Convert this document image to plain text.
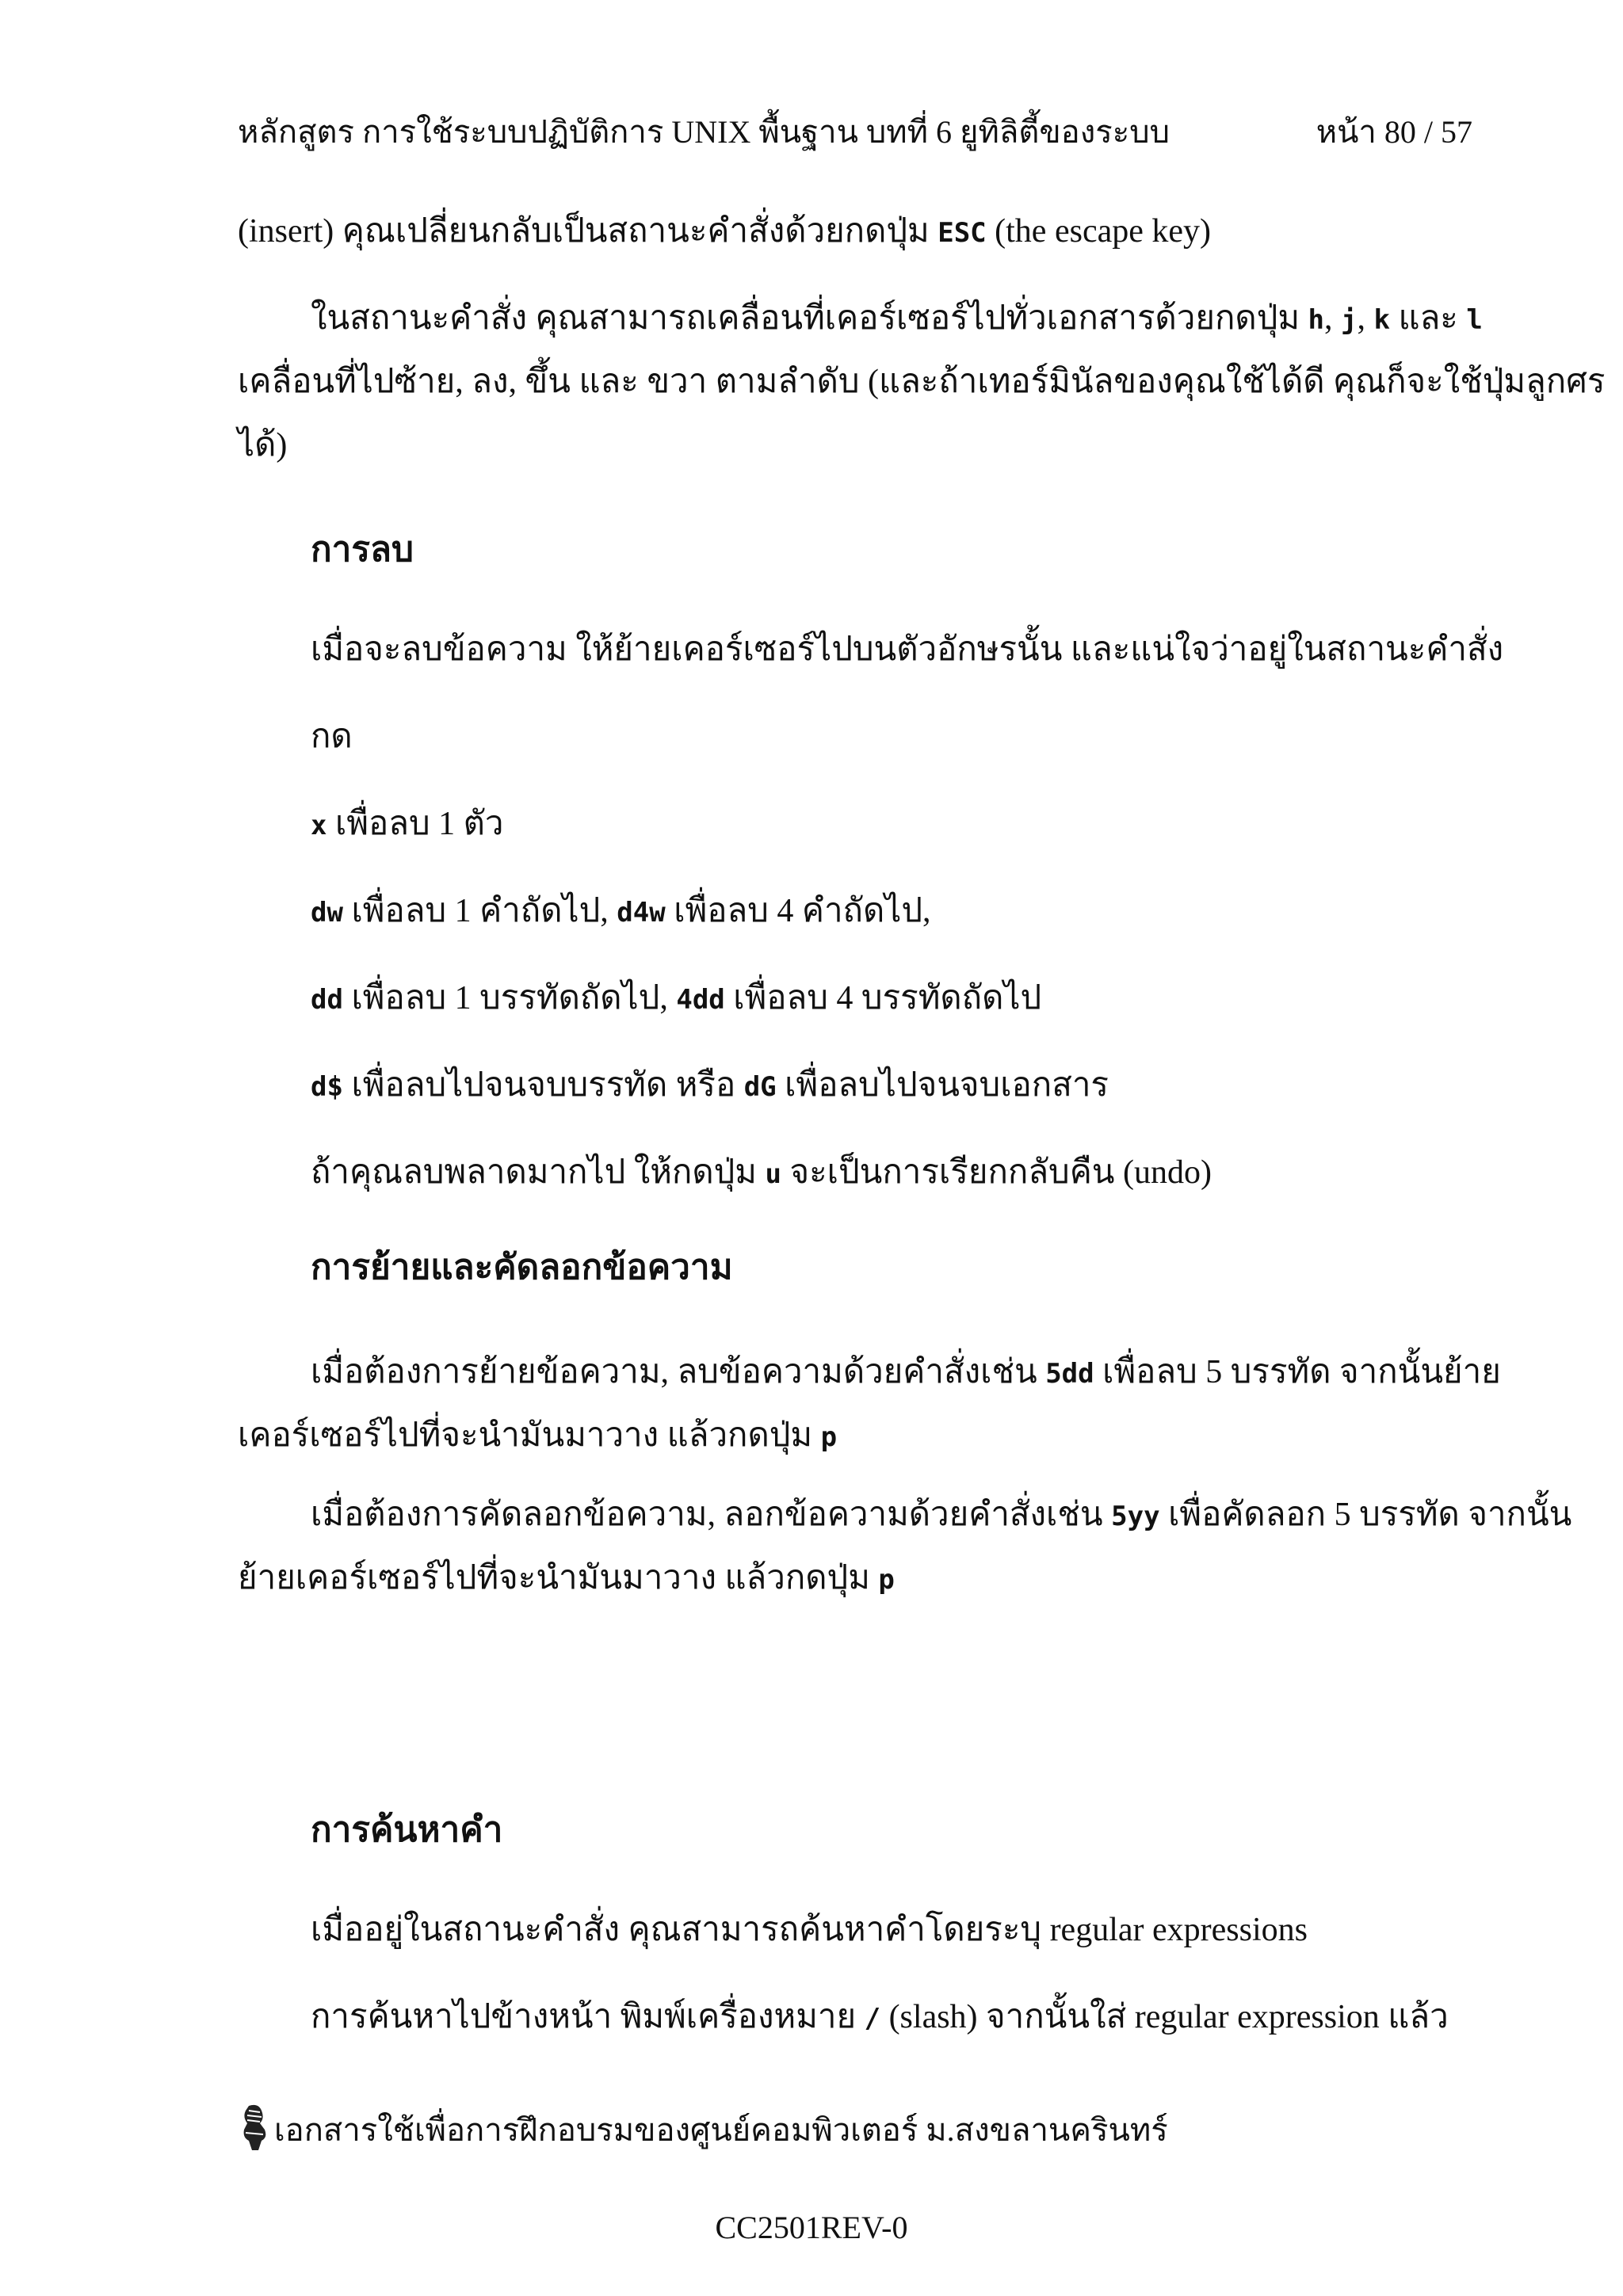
หลักสูตร การใช้ระบบปฏิบัติการ UNIX พื้นฐาน บทที่ 6 ยูทิลิตี้ของระบบ	หน้า 80 / 57
(insert) คุณเปลี่ยนกลับเป็นสถานะคำสั่งด้วยกดปุ่ม ESC (the escape key)
ในสถานะคำสั่ง คุณสามารถเคลื่อนที่เคอร์เซอร์ไปทั่วเอกสารด้วยกดปุ่ม h, j, k และ l
เคลื่อนที่ไปซ้าย, ลง, ขึ้น และ ขวา ตามลำดับ (และถ้าเทอร์มินัลของคุณใช้ได้ดี คุณก็จะใช้ปุ่มลูกศร
ได้)
การลบ
เมื่อจะลบข้อความ ให้ย้ายเคอร์เซอร์ไปบนตัวอักษรนั้น และแน่ใจว่าอยู่ในสถานะคำสั่ง
กด
x เพื่อลบ 1 ตัว
dw เพื่อลบ 1 คำถัดไป, d4w เพื่อลบ 4 คำถัดไป,
dd เพื่อลบ 1 บรรทัดถัดไป, 4dd เพื่อลบ 4 บรรทัดถัดไป
d$ เพื่อลบไปจนจบบรรทัด หรือ dG เพื่อลบไปจนจบเอกสาร
ถ้าคุณลบพลาดมากไป ให้กดปุ่ม u จะเป็นการเรียกกลับคืน (undo)
การย้ายและคัดลอกข้อความ
เมื่อต้องการย้ายข้อความ, ลบข้อความด้วยคำสั่งเช่น 5dd เพื่อลบ 5 บรรทัด จากนั้นย้าย
เคอร์เซอร์ไปที่จะนำมันมาวาง แล้วกดปุ่ม p
เมื่อต้องการคัดลอกข้อความ, ลอกข้อความด้วยคำสั่งเช่น 5yy เพื่อคัดลอก 5 บรรทัด จากนั้น
ย้ายเคอร์เซอร์ไปที่จะนำมันมาวาง แล้วกดปุ่ม p
การค้นหาคำ
เมื่ออยู่ในสถานะคำสั่ง คุณสามารถค้นหาคำโดยระบุ regular expressions
การค้นหาไปข้างหน้า พิมพ์เครื่องหมาย / (slash) จากนั้นใส่ regular expression แล้ว
เอกสารใช้เพื่อการฝึกอบรมของศูนย์คอมพิวเตอร์ ม.สงขลานครินทร์
CC2501REV-0
